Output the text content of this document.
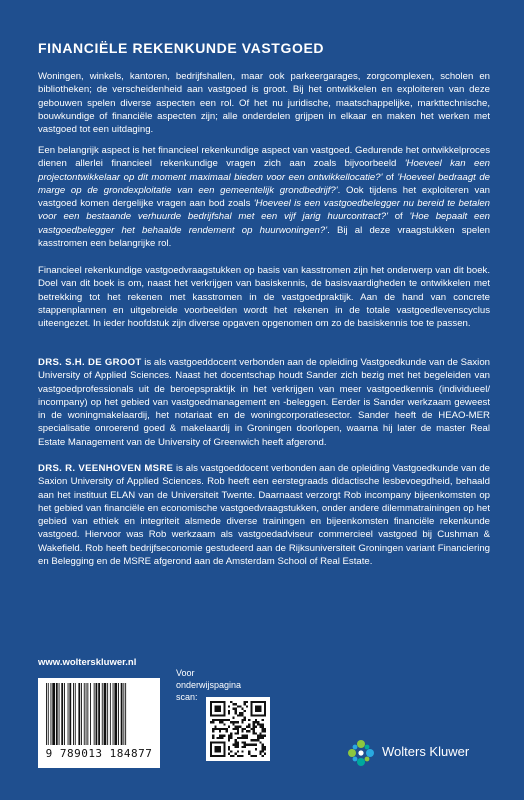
FINANCIËLE REKENKUNDE VASTGOED
Woningen, winkels, kantoren, bedrijfshallen, maar ook parkeergarages, zorgcomplexen, scholen en bibliotheken; de verscheidenheid aan vastgoed is groot. Bij het ontwikkelen en exploiteren van deze gebouwen spelen diverse aspecten een rol. Of het nu juridische, maatschappelijke, markttechnische, bouwkundige of financiële aspecten zijn; alle onderdelen grijpen in elkaar en maken het werken met vastgoed tot een uitdaging.
Een belangrijk aspect is het financieel rekenkundige aspect van vastgoed. Gedurende het ontwikkelproces dienen allerlei financieel rekenkundige vragen zich aan zoals bijvoorbeeld 'Hoeveel kan een projectontwikkelaar op dit moment maximaal bieden voor een ontwikkellocatie?' of 'Hoeveel bedraagt de marge op de grondexploitatie van een gemeentelijk grondbedrijf?'. Ook tijdens het exploiteren van vastgoed komen dergelijke vragen aan bod zoals 'Hoeveel is een vastgoedbelegger nu bereid te betalen voor een bestaande verhuurde bedrijfshal met een vijf jarig huurcontract?' of 'Hoe bepaalt een vastgoedbelegger het behaalde rendement op huurwoningen?'. Bij al deze vraagstukken spelen kasstromen een belangrijke rol.
Financieel rekenkundige vastgoedvraagstukken op basis van kasstromen zijn het onderwerp van dit boek. Doel van dit boek is om, naast het verkrijgen van basiskennis, de basisvaardigheden te ontwikkelen met betrekking tot het rekenen met kasstromen in de vastgoedpraktijk. Aan de hand van concrete stappenplannen en uitgebreide voorbeelden wordt het rekenen in de totale vastgoedlevenscyclus uiteengezet. In ieder hoofdstuk zijn diverse opgaven opgenomen om zo de basiskennis toe te passen.
DRS. S.H. DE GROOT is als vastgoeddocent verbonden aan de opleiding Vastgoedkunde van de Saxion University of Applied Sciences. Naast het docentschap houdt Sander zich bezig met het begeleiden van vastgoedprofessionals uit de beroepspraktijk in het verkrijgen van meer vastgoedkennis (individueel/ incompany) op het gebied van vastgoedmanagement en -beleggen. Eerder is Sander werkzaam geweest in de woningmakelaardij, het notariaat en de woningcorporatiesector. Sander heeft de HEAO-MER specialisatie onroerend goed & makelaardij in Groningen doorlopen, waarna hij later de master Real Estate Management van de University of Greenwich heeft afgerond.
DRS. R. VEENHOVEN MSRE is als vastgoeddocent verbonden aan de opleiding Vastgoedkunde van de Saxion University of Applied Sciences. Rob heeft een eerstegraads didactische lesbevoegdheid, behaald aan het instituut ELAN van de Universiteit Twente. Daarnaast verzorgt Rob incompany bijeenkomsten op het gebied van financiële en economische vastgoedvraagstukken, onder andere dilemmatrainingen op het gebied van ethiek en integriteit alsmede diverse trainingen en bijeenkomsten financiële rekenkunde vastgoed. Hiervoor was Rob werkzaam als vastgoedadviseur commercieel vastgoed bij Cushman & Wakefield. Rob heeft bedrijfseconomie gestudeerd aan de Rijksuniversiteit Groningen variant Financiering en Belegging en de MSRE afgerond aan de Amsterdam School of Real Estate.
www.wolterskluwer.nl
9 789013 184877
Voor
onderwijspagina
scan:
Wolters Kluwer
